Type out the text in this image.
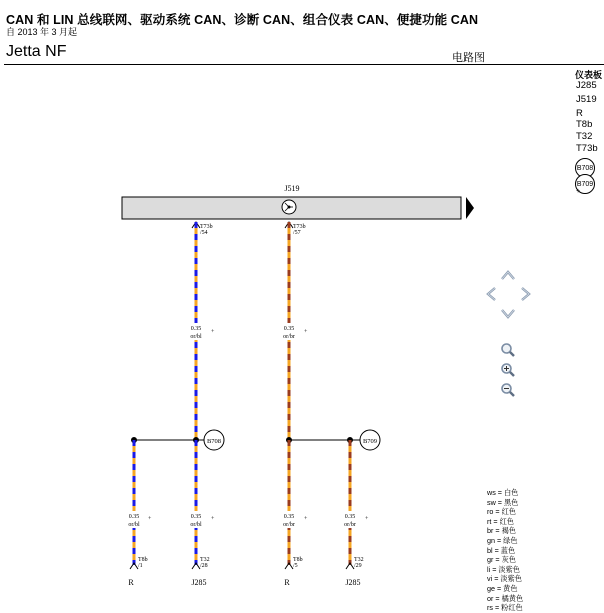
CAN 和 LIN 总线联网、驱动系统 CAN、诊断 CAN、组合仪表 CAN、便捷功能 CAN
自 2013 年 3 月起
Jetta NF	电路图
仪表板
J285
J519
R
T8b
T32
T73b
B708
B709
+
J519
T73b
/54
T73b
/57
0.35
or/bl
+	0.35
or/br
+
B708	B709
0.35
or/bl
+	0.35
or/bl
+	0.35
or/br
+	0.35
or/br
+
T8b
/1
T32
/28
T8b
/5
T32
/29
R	J285	R	J285
ws = 白色
sw = 黑色
ro = 红色
rt = 红色
br = 褐色
gn = 绿色
bl = 蓝色
gr = 灰色
li = 淡紫色
vi = 淡紫色
ge = 黄色
or = 橘黄色
rs = 粉红色
